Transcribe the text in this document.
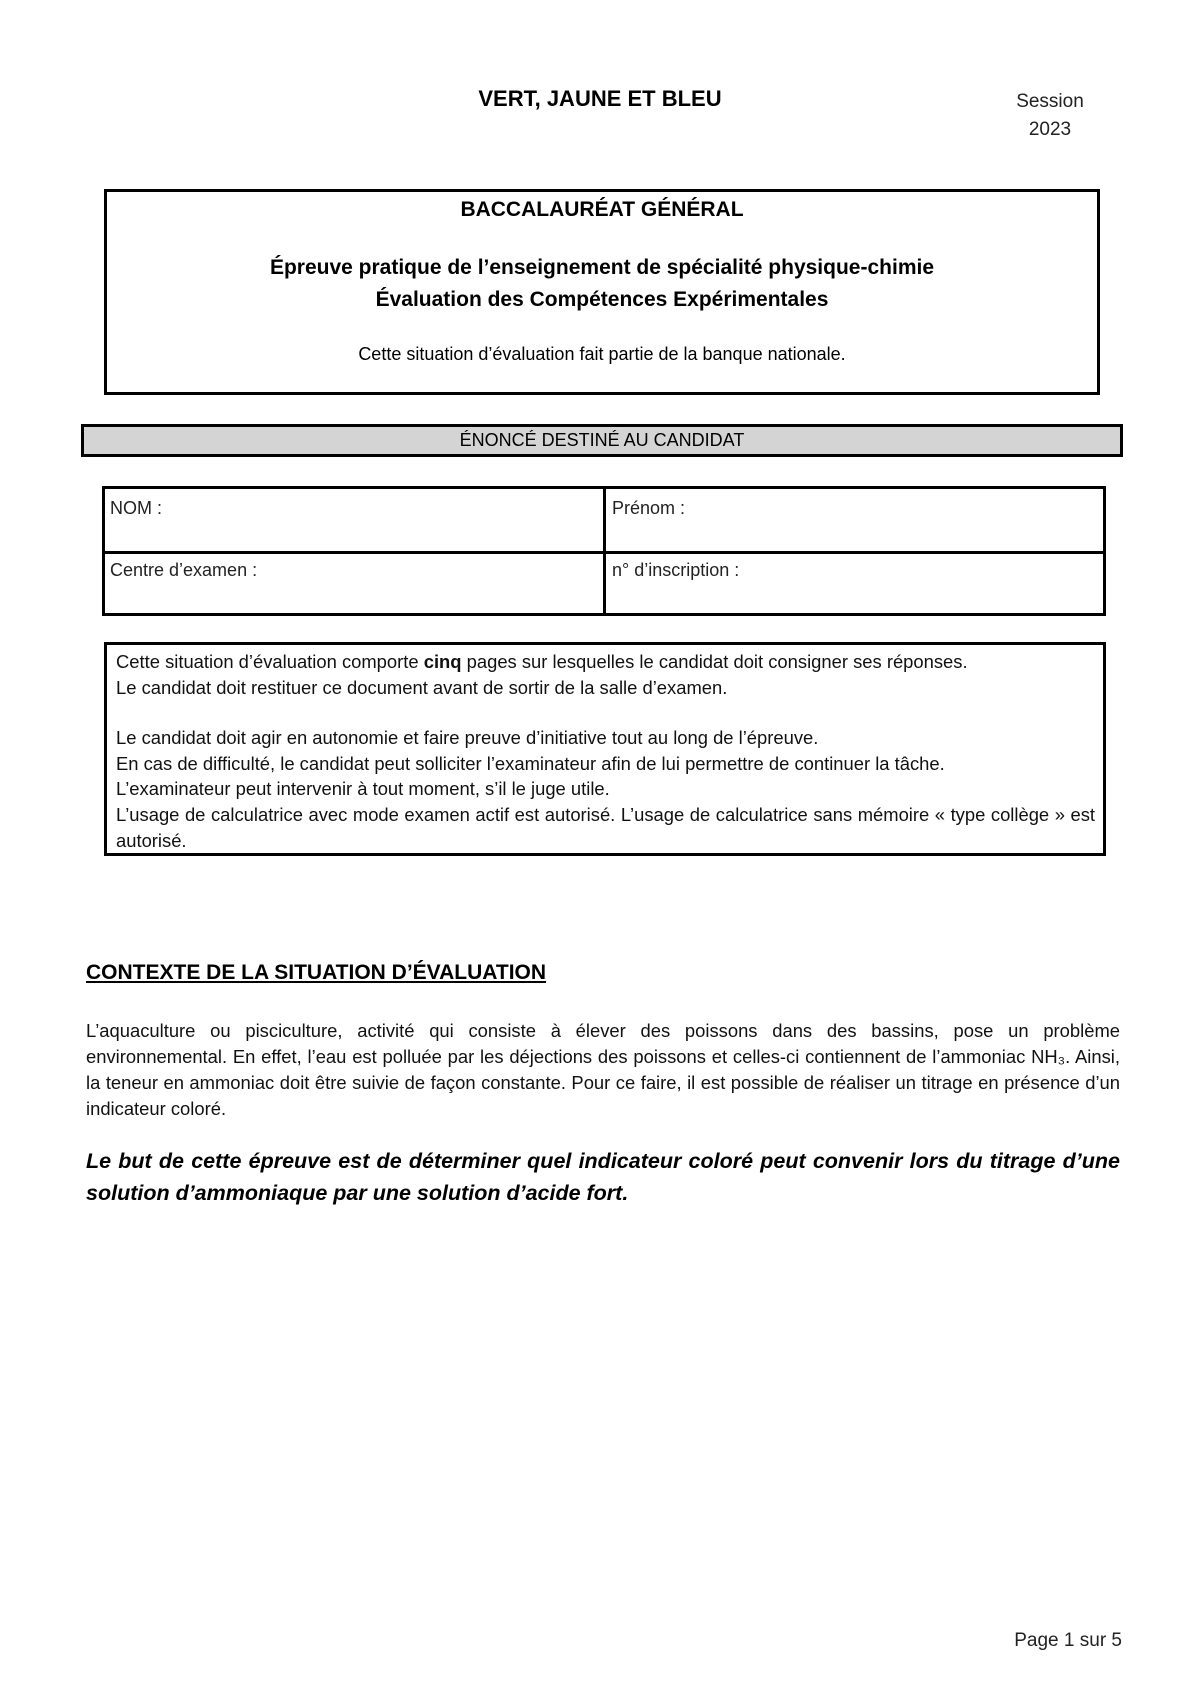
VERT, JAUNE ET BLEU	Session
2023
BACCALAURÉAT GÉNÉRAL
Épreuve pratique de l’enseignement de spécialité physique-chimie
Évaluation des Compétences Expérimentales
Cette situation d’évaluation fait partie de la banque nationale.
ÉNONCÉ DESTINÉ AU CANDIDAT
NOM :	Prénom :
Centre d’examen :	n° d’inscription :

Cette situation d’évaluation comporte cinq pages sur lesquelles le candidat doit consigner ses réponses.

Le candidat doit restituer ce document avant de sortir de la salle d’examen.

Le candidat doit agir en autonomie et faire preuve d’initiative tout au long de l’épreuve.

En cas de difficulté, le candidat peut solliciter l’examinateur afin de lui permettre de continuer la tâche.

L’examinateur peut intervenir à tout moment, s’il le juge utile.

L’usage de calculatrice avec mode examen actif est autorisé. L’usage de calculatrice sans mémoire « type collège » est autorisé.

CONTEXTE DE LA SITUATION D’ÉVALUATION

L’aquaculture ou pisciculture, activité qui consiste à élever des poissons dans des bassins, pose un problème environnemental. En effet, l’eau est polluée par les déjections des poissons et celles-ci contiennent de l’ammoniac NH₃. Ainsi, la teneur en ammoniac doit être suivie de façon constante. Pour ce faire, il est possible de réaliser un titrage en présence d’un indicateur coloré.

Le but de cette épreuve est de déterminer quel indicateur coloré peut convenir lors du titrage d’une solution d’ammoniaque par une solution d’acide fort.

Page 1 sur 5
